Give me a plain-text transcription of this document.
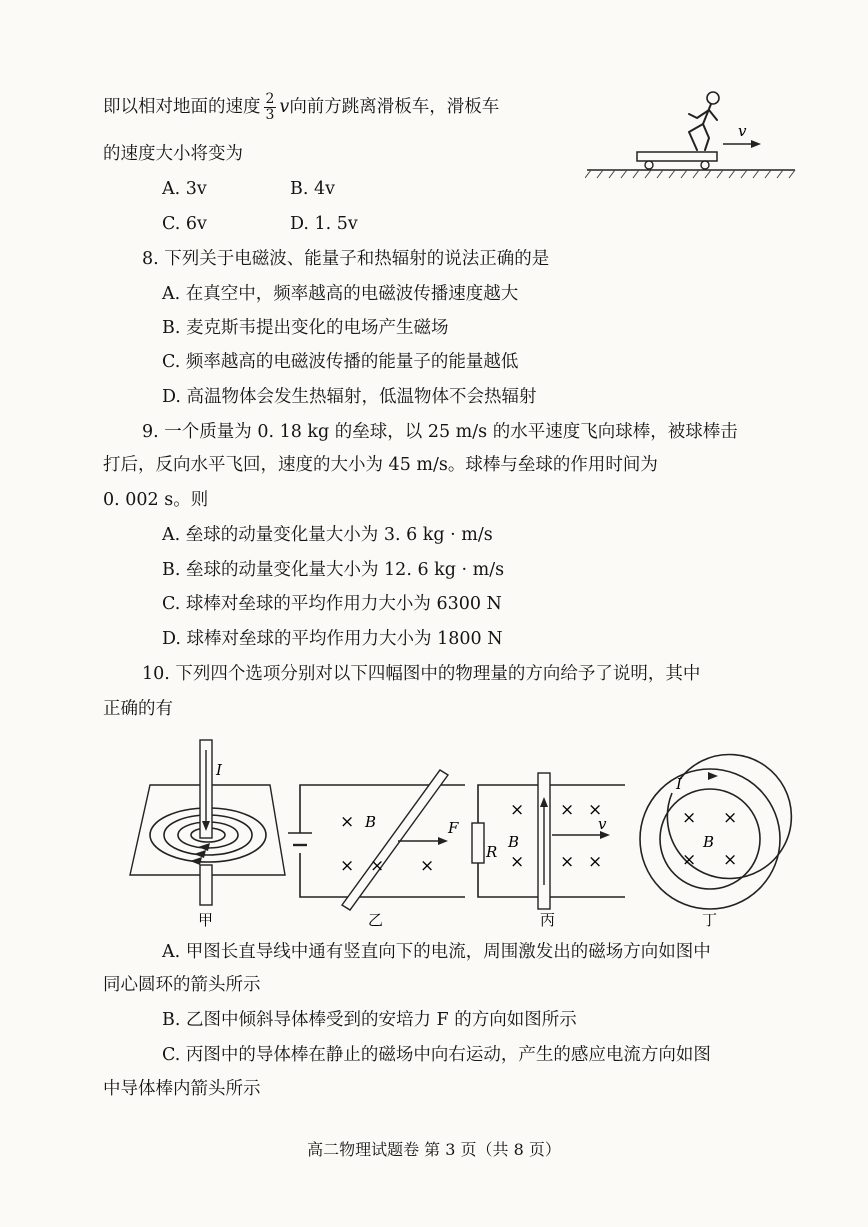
即以相对地面的速度 $\frac{2}{3}$ v向前方跳离滑板车，滑板车
的速度大小将变为
A. 3v	B. 4v
C. 6v	D. 1. 5v
v
8. 下列关于电磁波、能量子和热辐射的说法正确的是
A. 在真空中，频率越高的电磁波传播速度越大
B. 麦克斯韦提出变化的电场产生磁场
C. 频率越高的电磁波传播的能量子的能量越低
D. 高温物体会发生热辐射，低温物体不会热辐射
9. 一个质量为 0. 18 kg 的垒球，以 25 m/s 的水平速度飞向球棒，被球棒击
打后，反向水平飞回，速度的大小为 45 m/s。球棒与垒球的作用时间为
0. 002 s。则
A. 垒球的动量变化量大小为 3. 6 kg · m/s
B. 垒球的动量变化量大小为 12. 6 kg · m/s
C. 球棒对垒球的平均作用力大小为 6300 N
D. 球棒对垒球的平均作用力大小为 1800 N
10. 下列四个选项分别对以下四幅图中的物理量的方向给予了说明，其中
正确的有
I
甲
× B
× × ×
F
乙
R
×
B
×
× ×
× ×
v
丙
I
× ×
B
× ×
丁
A. 甲图长直导线中通有竖直向下的电流，周围激发出的磁场方向如图中
同心圆环的箭头所示
B. 乙图中倾斜导体棒受到的安培力 F 的方向如图所示
C. 丙图中的导体棒在静止的磁场中向右运动，产生的感应电流方向如图
中导体棒内箭头所示
高二物理试题卷 第 3 页（共 8 页）
